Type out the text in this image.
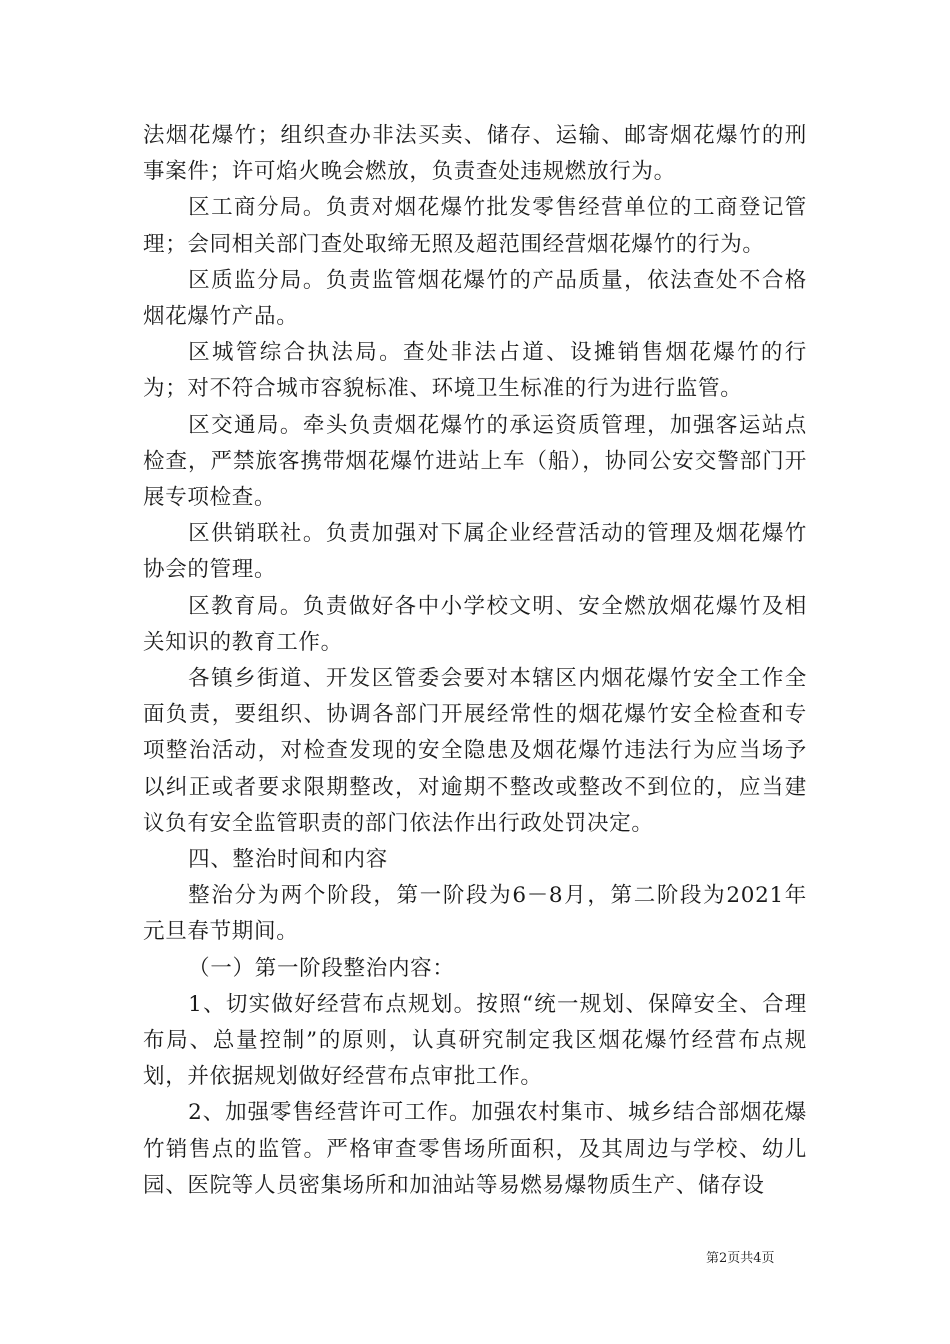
法烟花爆竹；组织查办非法买卖、储存、运输、邮寄烟花爆竹的刑事案件；许可焰火晚会燃放，负责查处违规燃放行为。

区工商分局。负责对烟花爆竹批发零售经营单位的工商登记管理；会同相关部门查处取缔无照及超范围经营烟花爆竹的行为。

区质监分局。负责监管烟花爆竹的产品质量，依法查处不合格烟花爆竹产品。

区城管综合执法局。查处非法占道、设摊销售烟花爆竹的行为；对不符合城市容貌标准、环境卫生标准的行为进行监管。

区交通局。牵头负责烟花爆竹的承运资质管理，加强客运站点检查，严禁旅客携带烟花爆竹进站上车（船），协同公安交警部门开展专项检查。

区供销联社。负责加强对下属企业经营活动的管理及烟花爆竹协会的管理。

区教育局。负责做好各中小学校文明、安全燃放烟花爆竹及相关知识的教育工作。

各镇乡街道、开发区管委会要对本辖区内烟花爆竹安全工作全面负责，要组织、协调各部门开展经常性的烟花爆竹安全检查和专项整治活动，对检查发现的安全隐患及烟花爆竹违法行为应当场予以纠正或者要求限期整改，对逾期不整改或整改不到位的，应当建议负有安全监管职责的部门依法作出行政处罚决定。

四、整治时间和内容

整治分为两个阶段，第一阶段为6－8月，第二阶段为2021年元旦春节期间。

（一）第一阶段整治内容：

1、切实做好经营布点规划。按照“统一规划、保障安全、合理布局、总量控制”的原则，认真研究制定我区烟花爆竹经营布点规划，并依据规划做好经营布点审批工作。

2、加强零售经营许可工作。加强农村集市、城乡结合部烟花爆竹销售点的监管。严格审查零售场所面积，及其周边与学校、幼儿园、医院等人员密集场所和加油站等易燃易爆物质生产、储存设

第2页共4页
